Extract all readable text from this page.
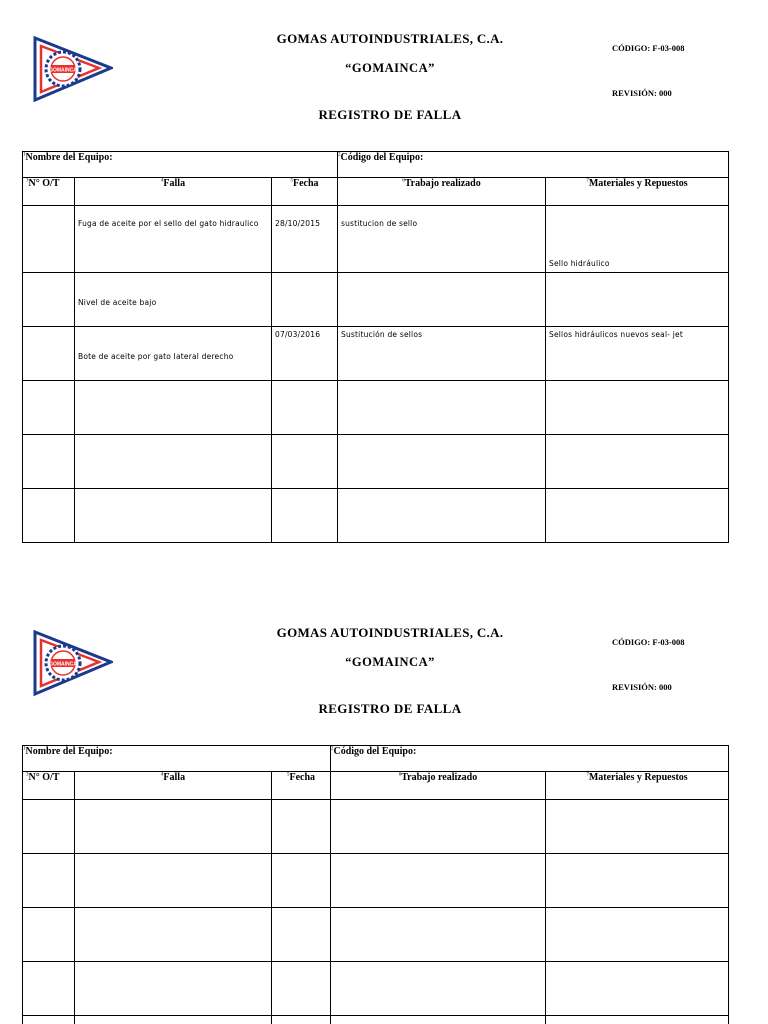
GOMAINCA
GOMAS AUTOINDUSTRIALES, C.A.
“GOMAINCA”
REGISTRO DE FALLA
CÓDIGO: F-03-008
REVISIÓN: 000
$^1$Nombre del Equipo:			$^2$Código del Equipo:	
$^3$N° O/T	$^4$Falla	$^5$Fecha	$^6$Trabajo realizado	$^7$Materiales y Repuestos

	Fuga de aceite por el sello del gato hidraulico	28/10/2015	sustitucion de sello	Sello hidráulico

	Nivel de aceite bajo			

	Bote de aceite por gato lateral derecho	07/03/2016	Sustitución de sellos	Sellos hidráulicos nuevos seal- jet

GOMAINCA
GOMAS AUTOINDUSTRIALES, C.A.
“GOMAINCA”
REGISTRO DE FALLA
CÓDIGO: F-03-008
REVISIÓN: 000
$^1$Nombre del Equipo:			$^2$Código del Equipo:	
$^3$N° O/T	$^4$Falla	$^5$Fecha	$^6$Trabajo realizado	$^7$Materiales y Repuestos
